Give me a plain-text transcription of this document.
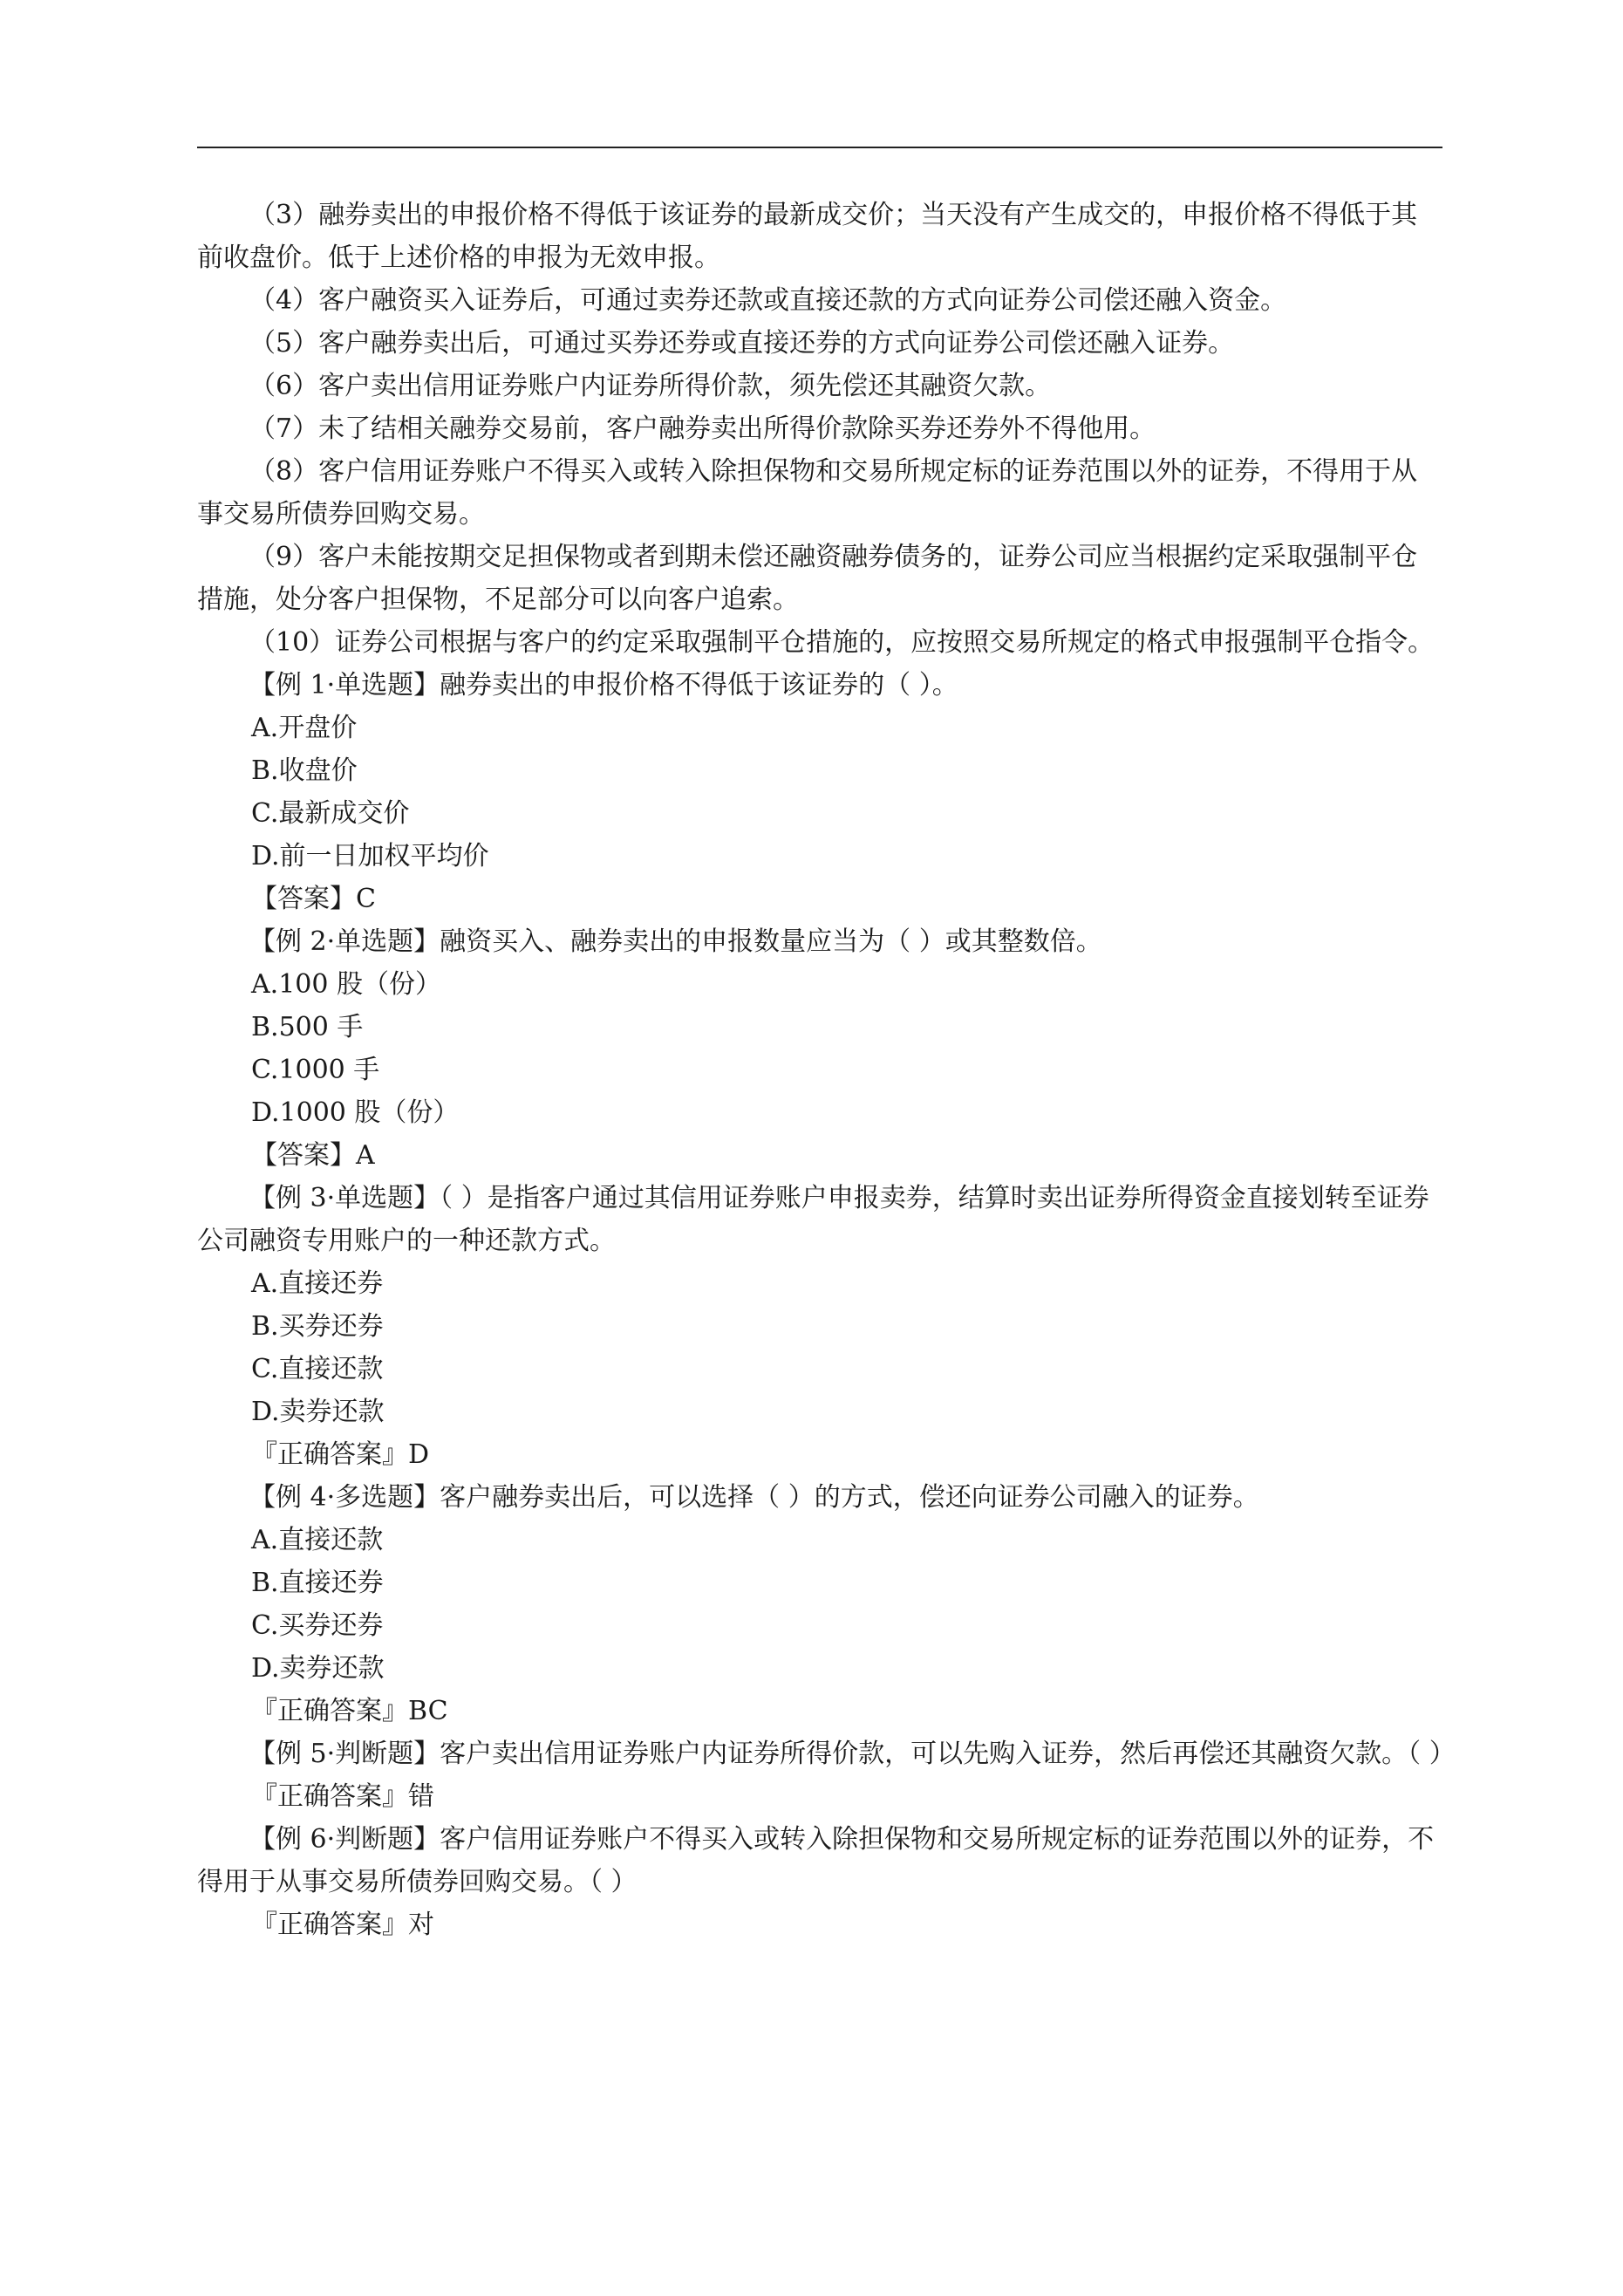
（3）融券卖出的申报价格不得低于该证券的最新成交价；当天没有产生成交的，申报价格不得低于其前收盘价。低于上述价格的申报为无效申报。

（4）客户融资买入证券后，可通过卖券还款或直接还款的方式向证券公司偿还融入资金。

（5）客户融券卖出后，可通过买券还券或直接还券的方式向证券公司偿还融入证券。

（6）客户卖出信用证券账户内证券所得价款，须先偿还其融资欠款。

（7）未了结相关融券交易前，客户融券卖出所得价款除买券还券外不得他用。

（8）客户信用证券账户不得买入或转入除担保物和交易所规定标的证券范围以外的证券，不得用于从事交易所债券回购交易。

（9）客户未能按期交足担保物或者到期未偿还融资融券债务的，证券公司应当根据约定采取强制平仓措施，处分客户担保物，不足部分可以向客户追索。

（10）证券公司根据与客户的约定采取强制平仓措施的，应按照交易所规定的格式申报强制平仓指令。

【例 1·单选题】融券卖出的申报价格不得低于该证券的（ ）。

A.开盘价

B.收盘价

C.最新成交价

D.前一日加权平均价

【答案】C

【例 2·单选题】融资买入、融券卖出的申报数量应当为（ ）或其整数倍。

A.100 股（份）

B.500 手

C.1000 手

D.1000 股（份）

【答案】A

【例 3·单选题】（ ）是指客户通过其信用证券账户申报卖券，结算时卖出证券所得资金直接划转至证券公司融资专用账户的一种还款方式。

A.直接还券

B.买券还券

C.直接还款

D.卖券还款

『正确答案』D

【例 4·多选题】客户融券卖出后，可以选择（ ）的方式，偿还向证券公司融入的证券。

A.直接还款

B.直接还券

C.买券还券

D.卖券还款

『正确答案』BC

【例 5·判断题】客户卖出信用证券账户内证券所得价款，可以先购入证券，然后再偿还其融资欠款。（ ）

『正确答案』错

【例 6·判断题】客户信用证券账户不得买入或转入除担保物和交易所规定标的证券范围以外的证券，不得用于从事交易所债券回购交易。（ ）

『正确答案』对
